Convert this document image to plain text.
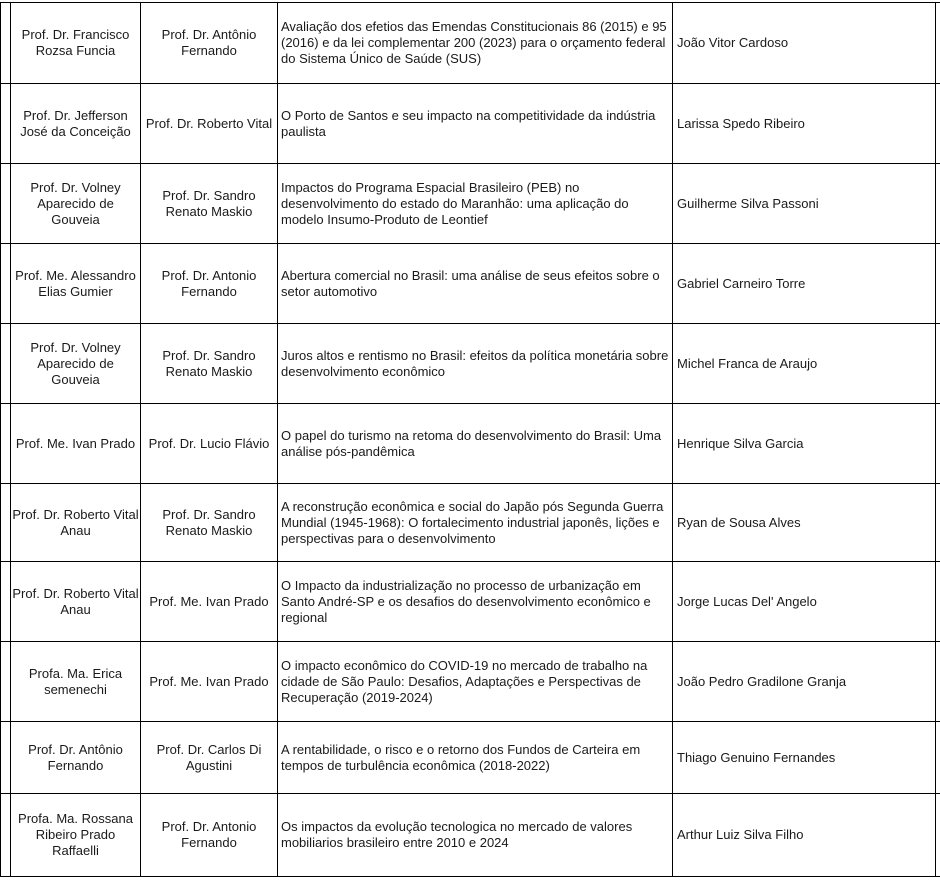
Prof. Dr. Francisco Rozsa Funcia
Prof. Dr. Antônio Fernando
Avaliação dos efetios das Emendas Constitucionais 86 (2015) e 95 (2016) e da lei complementar 200 (2023) para o orçamento federal do Sistema Único de Saúde (SUS)
João Vitor Cardoso
Prof. Dr. Jefferson José da Conceição
Prof. Dr. Roberto Vital
O Porto de Santos e seu impacto na competitividade da indústria paulista
Larissa Spedo Ribeiro
Prof. Dr. Volney Aparecido de Gouveia
Prof. Dr. Sandro Renato Maskio
Impactos do Programa Espacial Brasileiro (PEB) no desenvolvimento do estado do Maranhão: uma aplicação do modelo Insumo-Produto de Leontief
Guilherme Silva Passoni
Prof. Me. Alessandro Elias Gumier
Prof. Dr. Antonio Fernando
Abertura comercial no Brasil: uma análise de seus efeitos sobre o setor automotivo
Gabriel Carneiro Torre
Prof. Dr. Volney Aparecido de Gouveia
Prof. Dr. Sandro Renato Maskio
Juros altos e rentismo no Brasil: efeitos da política monetária sobre desenvolvimento econômico
Michel Franca de Araujo
Prof. Me. Ivan Prado	Prof. Dr. Lucio Flávio
O papel do turismo na retoma do desenvolvimento do Brasil: Uma análise pós-pandêmica
Henrique Silva Garcia
Prof. Dr. Roberto Vital Anau
Prof. Dr. Sandro Renato Maskio
A reconstrução econômica e social do Japão pós Segunda Guerra Mundial (1945-1968): O fortalecimento industrial japonês, lições e perspectivas para o desenvolvimento
Ryan de Sousa Alves
Prof. Dr. Roberto Vital Anau
Prof. Me. Ivan Prado
O Impacto da industrialização no processo de urbanização em Santo André-SP e os desafios do desenvolvimento econômico e regional
Jorge Lucas Del' Angelo
Profa. Ma. Erica semenechi
Prof. Me. Ivan Prado
O impacto econômico do COVID-19 no mercado de trabalho na cidade de São Paulo: Desafios, Adaptações e Perspectivas de Recuperação (2019-2024)
João Pedro Gradilone Granja
Prof. Dr. Antônio Fernando
Prof. Dr. Carlos Di Agustini
A rentabilidade, o risco e o retorno dos Fundos de Carteira em tempos de turbulência econômica (2018-2022)
Thiago Genuino Fernandes
Profa. Ma. Rossana Ribeiro Prado Raffaelli
Prof. Dr. Antonio Fernando
Os impactos da evolução tecnologica no mercado de valores mobiliarios brasileiro entre 2010 e 2024
Arthur Luiz Silva Filho
